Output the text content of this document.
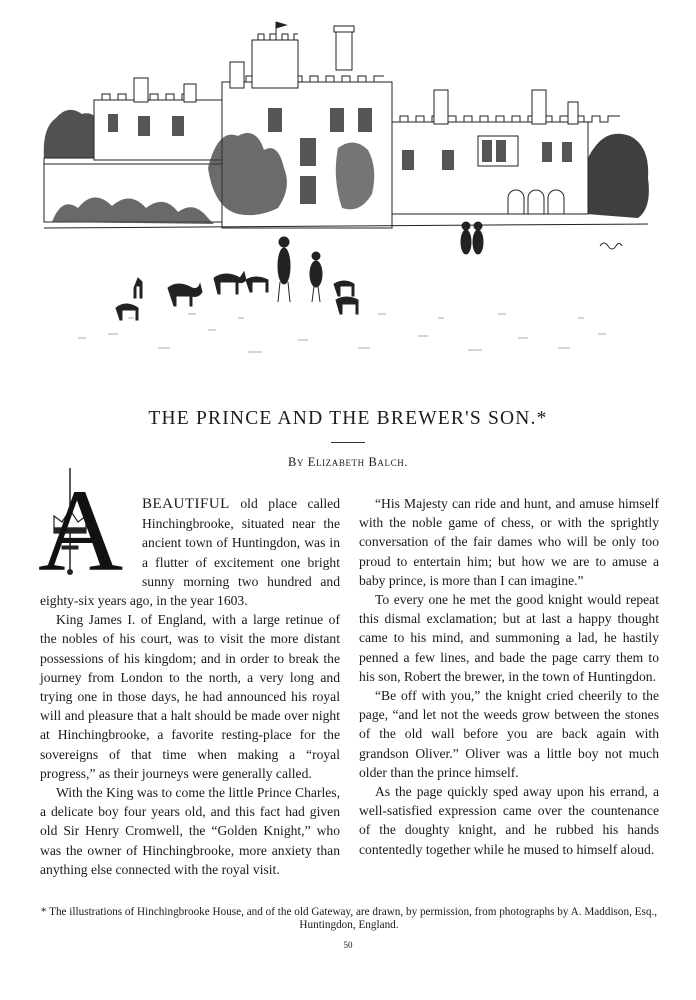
THE PRINCE AND THE BREWER'S SON.*
By Elizabeth Balch.
A	BEAUTIFUL old place called Hinchingbrooke, situated near the ancient town of Huntingdon, was in a flutter of excitement one bright sunny morning two hundred and eighty-six years ago, in the year 1603.

King James I. of England, with a large retinue of the nobles of his court, was to visit the more distant possessions of his kingdom; and in order to break the journey from London to the north, a very long and trying one in those days, he had announced his royal will and pleasure that a halt should be made over night at Hinchingbrooke, a favorite resting-place for the sovereigns of that time when making a “royal progress,” as their journeys were generally called.

With the King was to come the little Prince Charles, a delicate boy four years old, and this fact had given old Sir Henry Cromwell, the “Golden Knight,” who was the owner of Hinchingbrooke, more anxiety than anything else connected with the royal visit.

“His Majesty can ride and hunt, and amuse himself with the noble game of chess, or with the sprightly conversation of the fair dames who will be only too proud to entertain him; but how we are to amuse a baby prince, is more than I can imagine.”

To every one he met the good knight would repeat this dismal exclamation; but at last a happy thought came to his mind, and summoning a lad, he hastily penned a few lines, and bade the page carry them to his son, Robert the brewer, in the town of Huntingdon.

“Be off with you,” the knight cried cheerily to the page, “and let not the weeds grow between the stones of the old wall before you are back again with grandson Oliver.” Oliver was a little boy not much older than the prince himself.

As the page quickly sped away upon his errand, a well-satisfied expression came over the countenance of the doughty knight, and he rubbed his hands contentedly together while he mused to himself aloud.

* The illustrations of Hinchingbrooke House, and of the old Gateway, are drawn, by permission, from photographs by A. Maddison, Esq., Huntingdon, England.
50
